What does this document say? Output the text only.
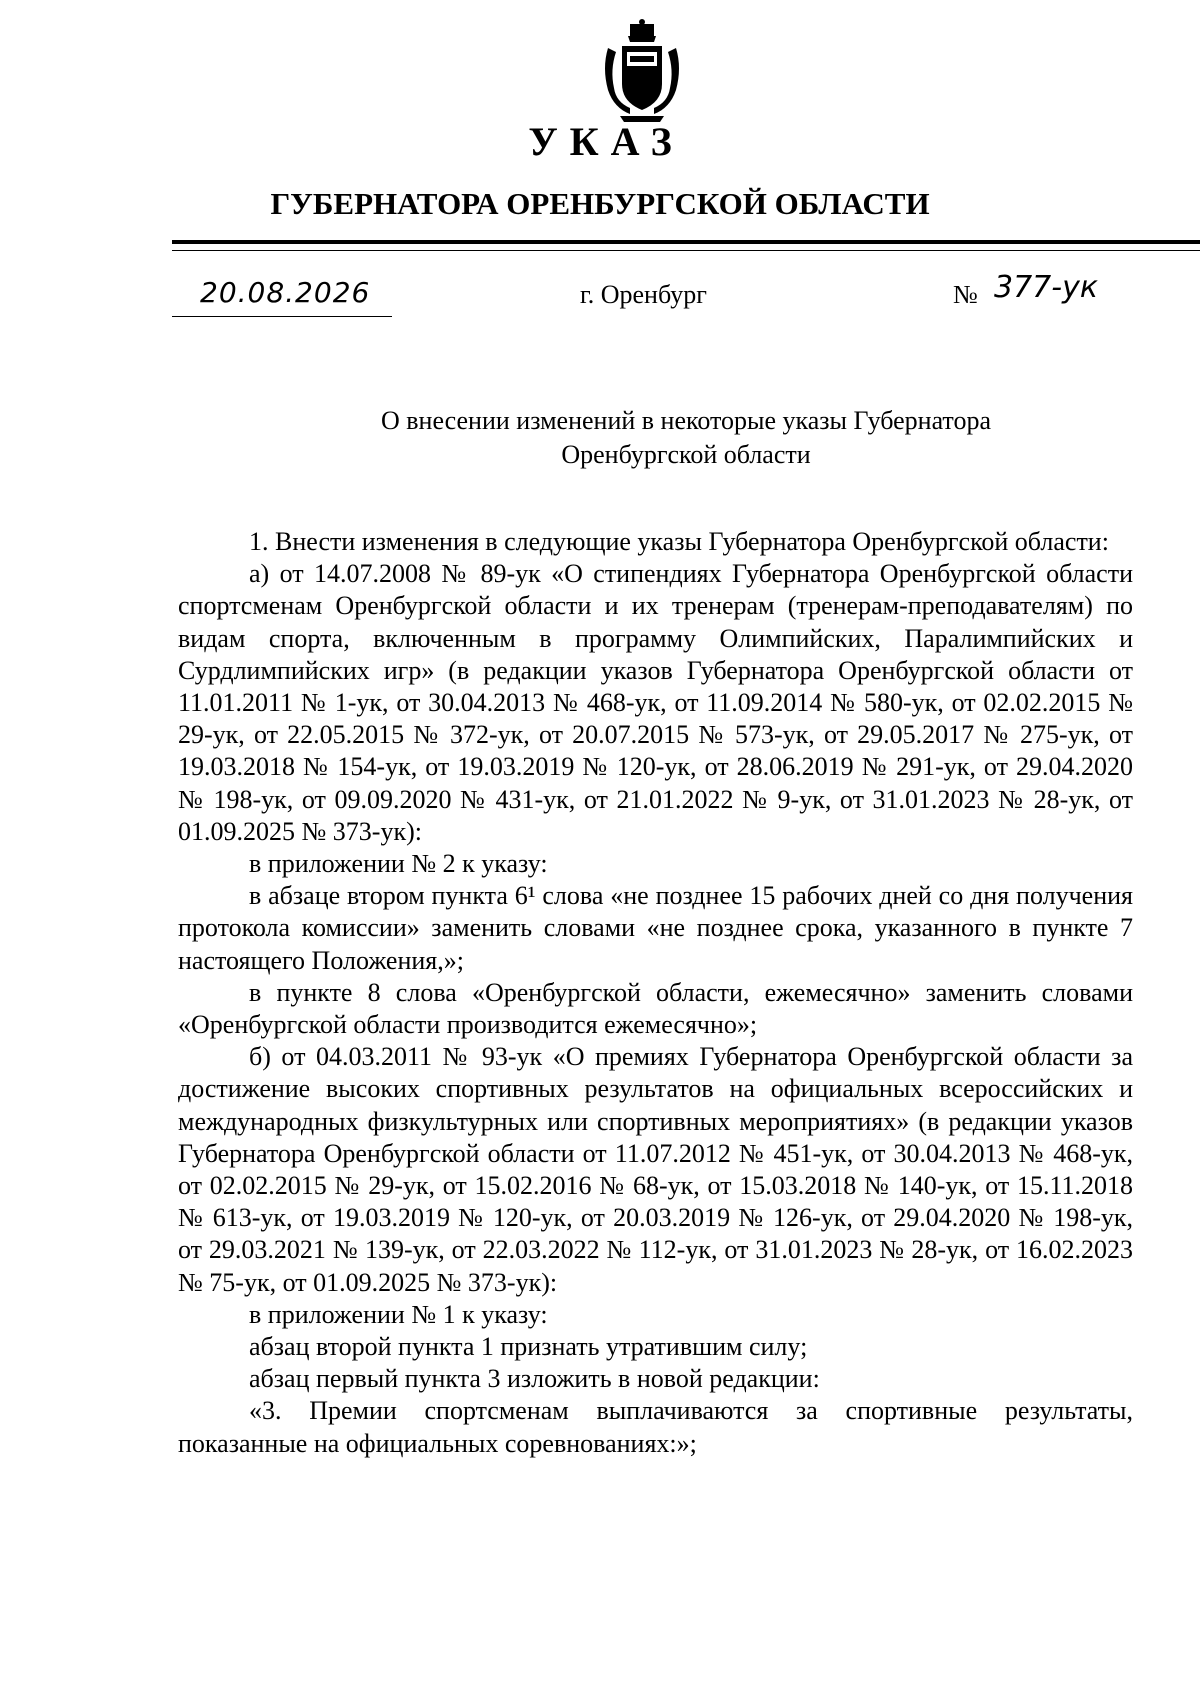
УКАЗ
ГУБЕРНАТОРА ОРЕНБУРГСКОЙ ОБЛАСТИ
20.08.2026	г. Оренбург	№ 377-ук
О внесении изменений в некоторые указы Губернатора
Оренбургской области

1. Внести изменения в следующие указы Губернатора Оренбургской области:

а) от 14.07.2008 № 89-ук «О стипендиях Губернатора Оренбургской области спортсменам Оренбургской области и их тренерам (тренерам-преподавателям) по видам спорта, включенным в программу Олимпийских, Паралимпийских и Сурдлимпийских игр» (в редакции указов Губернатора Оренбургской области от 11.01.2011 № 1-ук, от 30.04.2013 № 468-ук, от 11.09.2014 № 580-ук, от 02.02.2015 № 29-ук, от 22.05.2015 № 372-ук, от 20.07.2015 № 573-ук, от 29.05.2017 № 275-ук, от 19.03.2018 № 154-ук, от 19.03.2019 № 120-ук, от 28.06.2019 № 291-ук, от 29.04.2020 № 198-ук, от 09.09.2020 № 431-ук, от 21.01.2022 № 9-ук, от 31.01.2023 № 28-ук, от 01.09.2025 № 373-ук):

в приложении № 2 к указу:

в абзаце втором пункта 6¹ слова «не позднее 15 рабочих дней со дня получения протокола комиссии» заменить словами «не позднее срока, указанного в пункте 7 настоящего Положения,»;

в пункте 8 слова «Оренбургской области, ежемесячно» заменить словами «Оренбургской области производится ежемесячно»;

б) от 04.03.2011 № 93-ук «О премиях Губернатора Оренбургской области за достижение высоких спортивных результатов на официальных всероссийских и международных физкультурных или спортивных мероприятиях» (в редакции указов Губернатора Оренбургской области от 11.07.2012 № 451-ук, от 30.04.2013 № 468-ук, от 02.02.2015 № 29-ук, от 15.02.2016 № 68-ук, от 15.03.2018 № 140-ук, от 15.11.2018 № 613-ук, от 19.03.2019 № 120-ук, от 20.03.2019 № 126-ук, от 29.04.2020 № 198-ук, от 29.03.2021 № 139-ук, от 22.03.2022 № 112-ук, от 31.01.2023 № 28-ук, от 16.02.2023 № 75-ук, от 01.09.2025 № 373-ук):

в приложении № 1 к указу:

абзац второй пункта 1 признать утратившим силу;

абзац первый пункта 3 изложить в новой редакции:

«3. Премии спортсменам выплачиваются за спортивные результаты, показанные на официальных соревнованиях:»;
